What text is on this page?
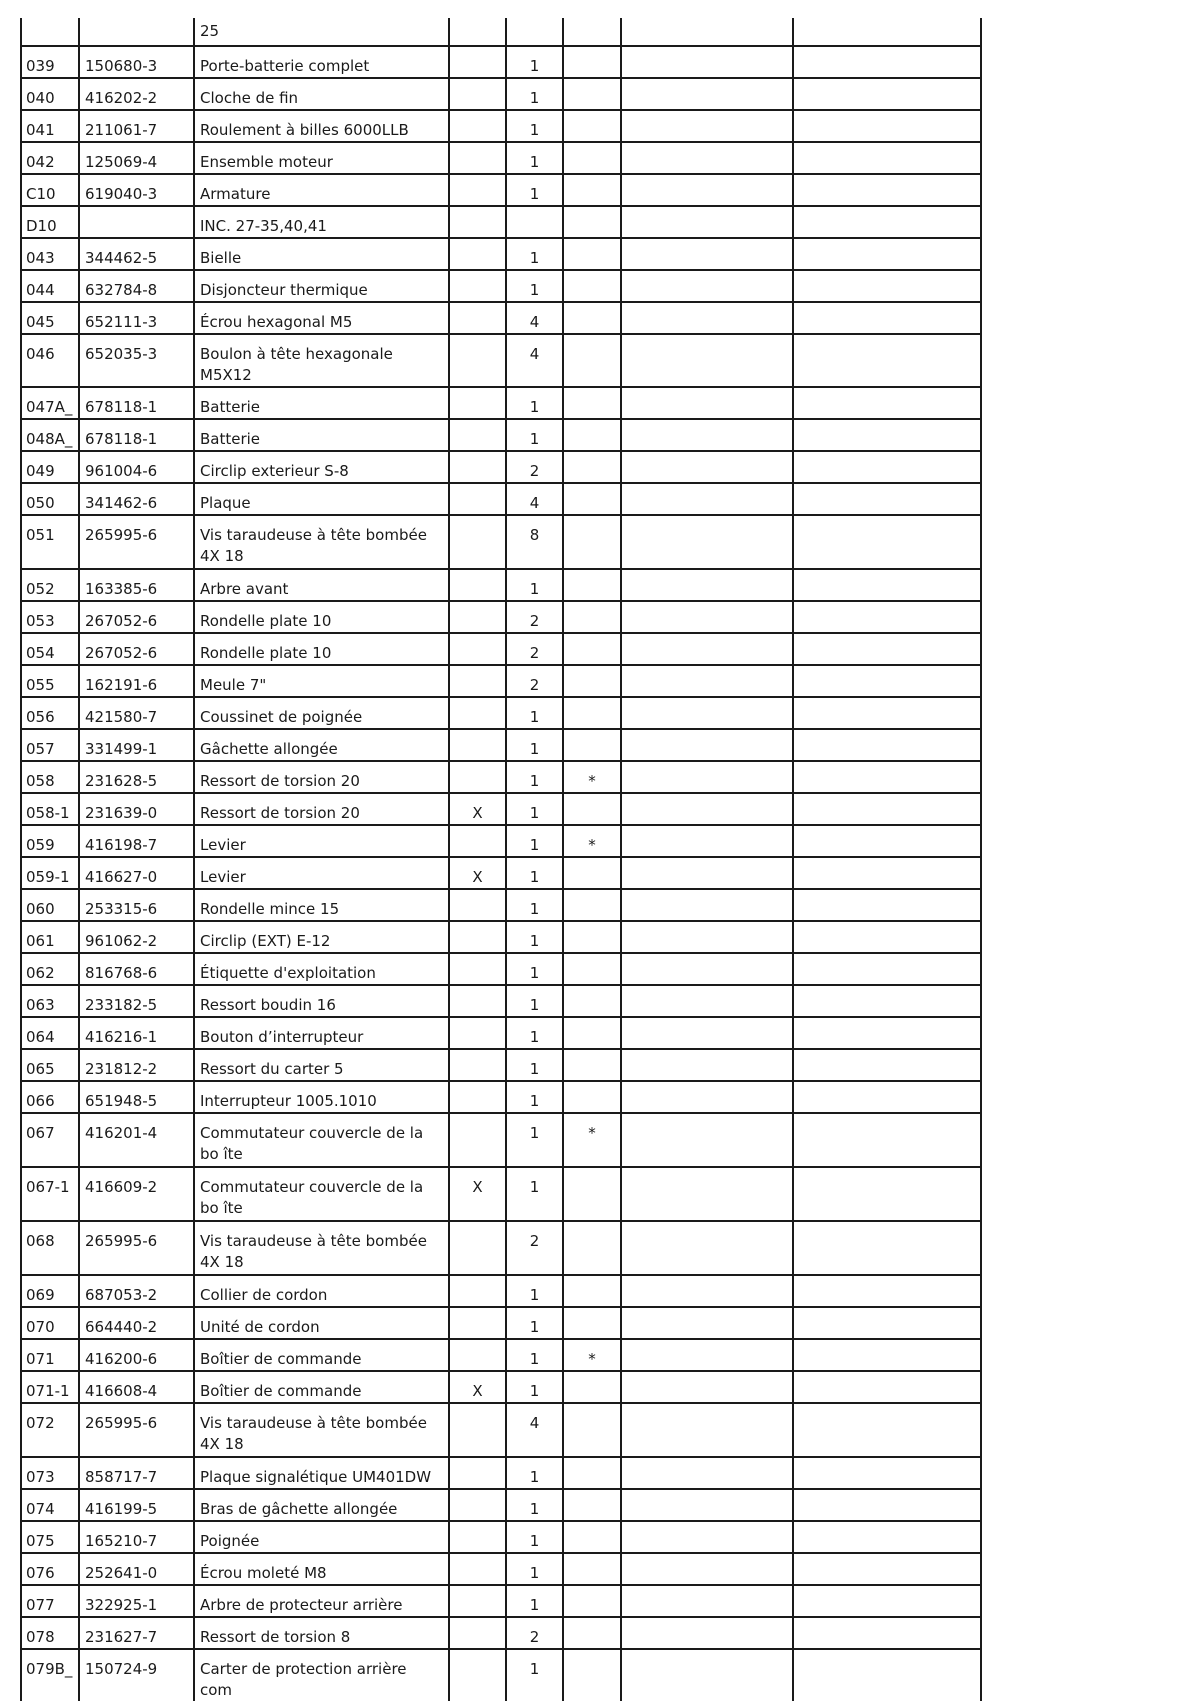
		25					
039	150680-3	Porte-batterie complet		1			
040	416202-2	Cloche de fin		1			
041	211061-7	Roulement à billes 6000LLB		1			
042	125069-4	Ensemble moteur		1			
C10	619040-3	Armature		1			
D10		INC. 27-35,40,41					
043	344462-5	Bielle		1			
044	632784-8	Disjoncteur thermique		1			
045	652111-3	Écrou hexagonal M5		4			
046	652035-3	Boulon à tête hexagonale M5X12		4			
047A_	678118-1	Batterie		1			
048A_	678118-1	Batterie		1			
049	961004-6	Circlip exterieur S-8		2			
050	341462-6	Plaque		4			
051	265995-6	Vis taraudeuse à tête bombée 4X 18		8			
052	163385-6	Arbre avant		1			
053	267052-6	Rondelle plate 10		2			
054	267052-6	Rondelle plate 10		2			
055	162191-6	Meule 7"		2			
056	421580-7	Coussinet de poignée		1			
057	331499-1	Gâchette allongée		1			
058	231628-5	Ressort de torsion 20		1	*		
058-1	231639-0	Ressort de torsion 20	X	1			
059	416198-7	Levier		1	*		
059-1	416627-0	Levier	X	1			
060	253315-6	Rondelle mince 15		1			
061	961062-2	Circlip (EXT) E-12		1			
062	816768-6	Étiquette d'exploitation		1			
063	233182-5	Ressort boudin 16		1			
064	416216-1	Bouton d’interrupteur		1			
065	231812-2	Ressort du carter 5		1			
066	651948-5	Interrupteur 1005.1010		1			
067	416201-4	Commutateur couvercle de la bo îte		1	*		
067-1	416609-2	Commutateur couvercle de la bo îte	X	1			
068	265995-6	Vis taraudeuse à tête bombée 4X 18		2			
069	687053-2	Collier de cordon		1			
070	664440-2	Unité de cordon		1			
071	416200-6	Boîtier de commande		1	*		
071-1	416608-4	Boîtier de commande	X	1			
072	265995-6	Vis taraudeuse à tête bombée 4X 18		4			
073	858717-7	Plaque signalétique UM401DW		1			
074	416199-5	Bras de gâchette allongée		1			
075	165210-7	Poignée		1			
076	252641-0	Écrou moleté M8		1			
077	322925-1	Arbre de protecteur arrière		1			
078	231627-7	Ressort de torsion 8		2			
079B_	150724-9	Carter de protection arrière com		1			
